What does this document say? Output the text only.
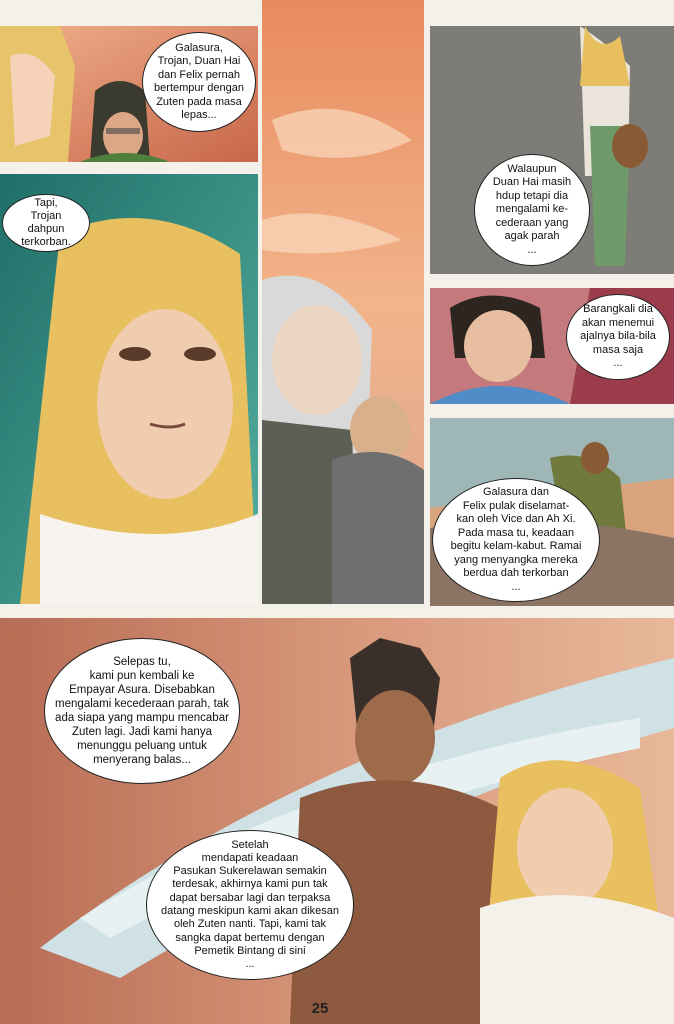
Galasura,
Trojan, Duan Hai
dan Felix pernah
bertempur dengan
Zuten pada masa
lepas...
Tapi,
Trojan dahpun
terkorban.
Walaupun
Duan Hai masih
hdup tetapi dia
mengalami ke-
cederaan yang
agak parah
...
Barangkali dia
akan menemui
ajalnya bila-bila
masa saja
...
Galasura dan
Felix pulak diselamat-
kan oleh Vice dan Ah Xi.
Pada masa tu, keadaan
begitu kelam-kabut. Ramai
yang menyangka mereka
berdua dah terkorban
...
Selepas tu,
kami pun kembali ke
Empayar Asura. Disebabkan
mengalami kecederaan parah, tak
ada siapa yang mampu mencabar
Zuten lagi. Jadi kami hanya
menunggu peluang untuk
menyerang balas...
Setelah
mendapati keadaan
Pasukan Sukerelawan semakin
terdesak, akhirnya kami pun tak
dapat bersabar lagi dan terpaksa
datang meskipun kami akan dikesan
oleh Zuten nanti. Tapi, kami tak
sangka dapat bertemu dengan
Pemetik Bintang di sini
...
25
